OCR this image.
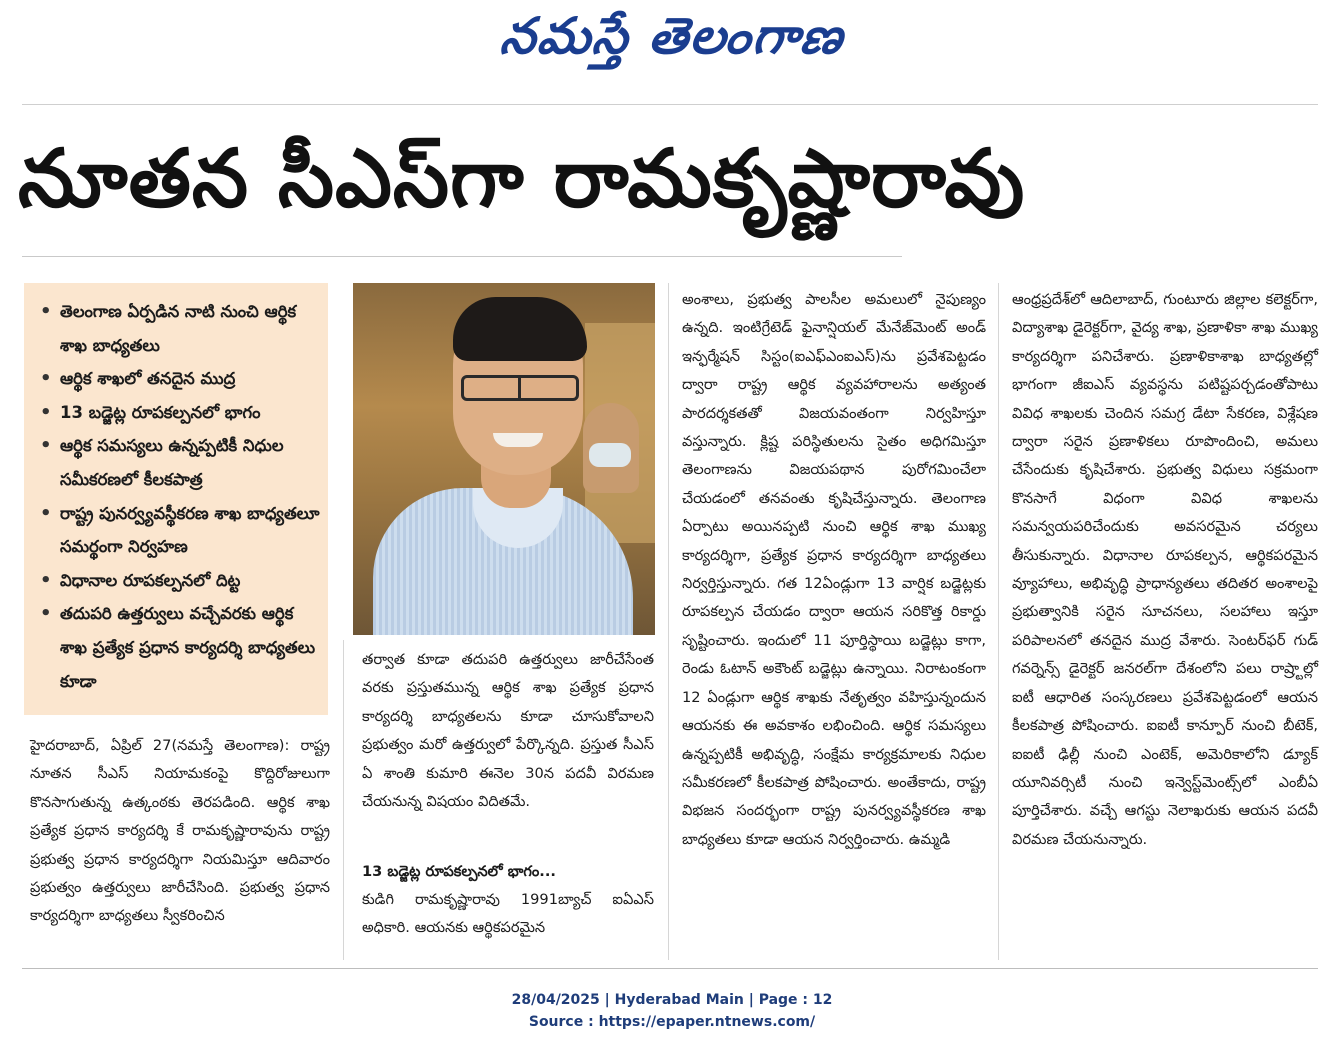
నమస్తే తెలంగాణ
నూతన సీఎస్‌గా రామకృష్ణారావు
• తెలంగాణ ఏర్పడిన నాటి నుంచి ఆర్థిక శాఖ బాధ్యతలు
• ఆర్థిక శాఖలో తనదైన ముద్ర
• 13 బడ్జెట్ల రూపకల్పనలో భాగం
• ఆర్థిక సమస్యలు ఉన్నప్పటికీ నిధుల సమీకరణలో కీలకపాత్ర
• రాష్ట్ర పునర్వ్యవస్థీకరణ శాఖ బాధ్యతలూ సమర్థంగా నిర్వహణ
• విధానాల రూపకల్పనలో దిట్ట
• తదుపరి ఉత్తర్వులు వచ్చేవరకు ఆర్థిక శాఖ ప్రత్యేక ప్రధాన కార్యదర్శి బాధ్యతలు కూడా

హైదరాబాద్, ఏప్రిల్ 27(నమస్తే తెలంగాణ): రాష్ట్ర నూతన సీఎస్ నియామకంపై కొద్దిరోజులుగా కొనసాగుతున్న ఉత్కంఠకు తెరపడింది. ఆర్థిక శాఖ ప్రత్యేక ప్రధాన కార్యదర్శి కే రామకృష్ణారావును రాష్ట్ర ప్రభుత్వ ప్రధాన కార్యదర్శిగా నియమిస్తూ ఆదివారం ప్రభుత్వం ఉత్తర్వులు జారీచేసింది. ప్రభుత్వ ప్రధాన కార్యదర్శిగా బాధ్యతలు స్వీకరించిన

తర్వాత కూడా తదుపరి ఉత్తర్వులు జారీచేసేంత వరకు ప్రస్తుతమున్న ఆర్థిక శాఖ ప్రత్యేక ప్రధాన కార్యదర్శి బాధ్యతలను కూడా చూసుకోవాలని ప్రభుత్వం మరో ఉత్తర్వులో పేర్కొన్నది. ప్రస్తుత సీఎస్ ఏ శాంతి కుమారి ఈనెల 30న పదవీ విరమణ చేయనున్న విషయం విదితమే.

13 బడ్జెట్ల రూపకల్పనలో భాగం...

కుడిగి రామకృష్ణారావు 1991బ్యాచ్ ఐఏఎస్ అధికారి. ఆయనకు ఆర్థికపరమైన

అంశాలు, ప్రభుత్వ పాలసీల అమలులో నైపుణ్యం ఉన్నది. ఇంటిగ్రేటెడ్ ఫైనాన్షియల్ మేనేజ్‌మెంట్ అండ్ ఇన్ఫర్మేషన్ సిస్టం(ఐఎఫ్ఎంఐఎస్)ను ప్రవేశపెట్టడం ద్వారా రాష్ట్ర ఆర్థిక వ్యవహారాలను అత్యంత పారదర్శకతతో విజయవంతంగా నిర్వహిస్తూ వస్తున్నారు. క్లిష్ట పరిస్థితులను సైతం అధిగమిస్తూ తెలంగాణను విజయపథాన పురోగమించేలా చేయడంలో తనవంతు కృషిచేస్తున్నారు. తెలంగాణ ఏర్పాటు అయినప్పటి నుంచి ఆర్థిక శాఖ ముఖ్య కార్యదర్శిగా, ప్రత్యేక ప్రధాన కార్యదర్శిగా బాధ్యతలు నిర్వర్తిస్తున్నారు. గత 12ఏండ్లుగా 13 వార్షిక బడ్జెట్లకు రూపకల్పన చేయడం ద్వారా ఆయన సరికొత్త రికార్డు సృష్టించారు. ఇందులో 11 పూర్తిస్థాయి బడ్జెట్లు కాగా, రెండు ఓటాన్ అకౌంట్ బడ్జెట్లు ఉన్నాయి. నిరాటంకంగా 12 ఏండ్లుగా ఆర్థిక శాఖకు నేతృత్వం వహిస్తున్నందున ఆయనకు ఈ అవకాశం లభించింది. ఆర్థిక సమస్యలు ఉన్నప్పటికీ అభివృద్ధి, సంక్షేమ కార్యక్రమాలకు నిధుల సమీకరణలో కీలకపాత్ర పోషించారు. అంతేకాదు, రాష్ట్ర విభజన సందర్భంగా రాష్ట్ర పునర్వ్యవస్థీకరణ శాఖ బాధ్యతలు కూడా ఆయన నిర్వర్తించారు. ఉమ్మడి

ఆంధ్రప్రదేశ్‌లో ఆదిలాబాద్, గుంటూరు జిల్లాల కలెక్టర్‌గా, విద్యాశాఖ డైరెక్టర్‌గా, వైద్య శాఖ, ప్రణాళికా శాఖ ముఖ్య కార్యదర్శిగా పనిచేశారు. ప్రణాళికాశాఖ బాధ్యతల్లో భాగంగా జీఐఎస్ వ్యవస్థను పటిష్టపర్చడంతోపాటు వివిధ శాఖలకు చెందిన సమగ్ర డేటా సేకరణ, విశ్లేషణ ద్వారా సరైన ప్రణాళికలు రూపొందించి, అమలు చేసేందుకు కృషిచేశారు. ప్రభుత్వ విధులు సక్రమంగా కొనసాగే విధంగా వివిధ శాఖలను సమన్వయపరిచేందుకు అవసరమైన చర్యలు తీసుకున్నారు. విధానాల రూపకల్పన, ఆర్థికపరమైన వ్యూహాలు, అభివృద్ధి ప్రాధాన్యతలు తదితర అంశాలపై ప్రభుత్వానికి సరైన సూచనలు, సలహాలు ఇస్తూ పరిపాలనలో తనదైన ముద్ర వేశారు. సెంటర్‌ఫర్ గుడ్ గవర్నెన్స్ డైరెక్టర్ జనరల్‌గా దేశంలోని పలు రాష్ర్టాల్లో ఐటీ ఆధారిత సంస్కరణలు ప్రవేశపెట్టడంలో ఆయన కీలకపాత్ర పోషించారు. ఐఐటీ కాన్పూర్ నుంచి బీటెక్, ఐఐటీ ఢిల్లీ నుంచి ఎంటెక్, అమెరికాలోని డ్యూక్ యూనివర్సిటీ నుంచి ఇన్వెస్ట్‌మెంట్స్‌లో ఎంబీఏ పూర్తిచేశారు. వచ్చే ఆగస్టు నెలాఖరుకు ఆయన పదవీ విరమణ చేయనున్నారు.

28/04/2025 | Hyderabad Main | Page : 12
Source : https://epaper.ntnews.com/
